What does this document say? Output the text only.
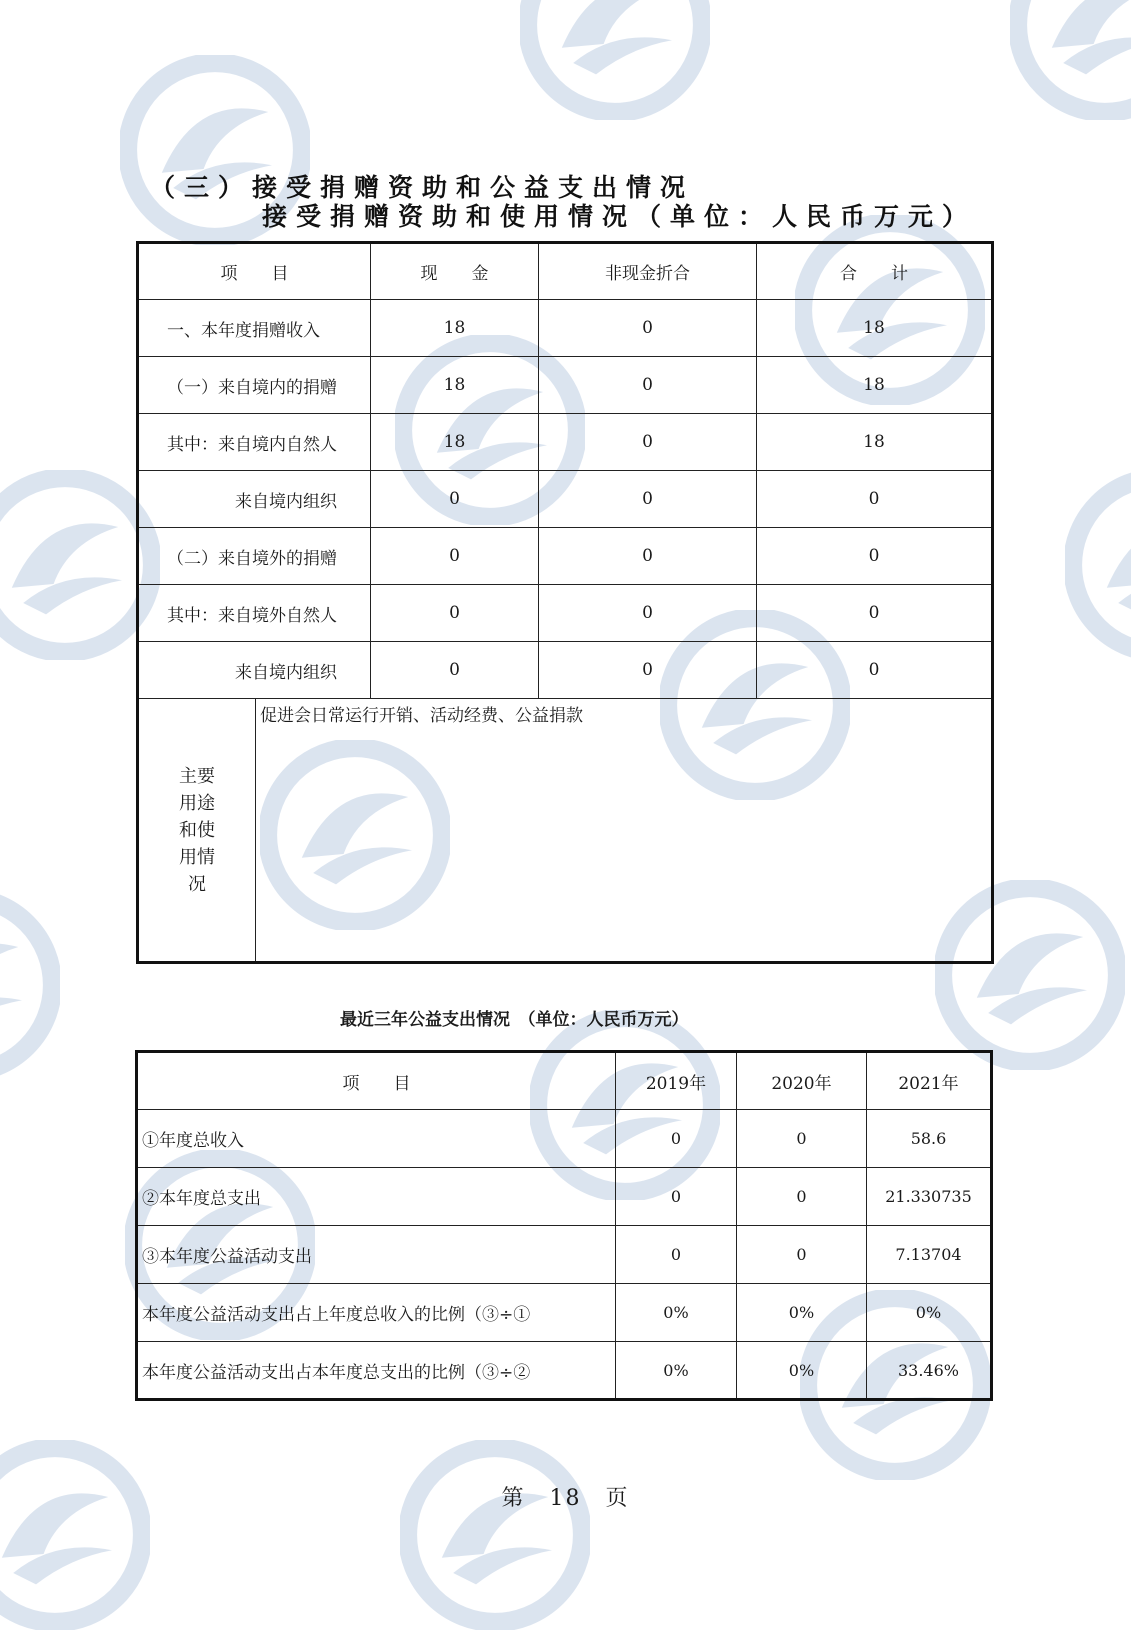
（三）接受捐赠资助和公益支出情况
接受捐赠资助和使用情况（单位：人民币万元）
项　　目		现　　金	非现金折合	合　　计
一、本年度捐赠收入		18	0	18
（一）来自境内的捐赠		18	0	18
其中：来自境内自然人		18	0	18
来自境内组织		0	0	0
（二）来自境外的捐赠		0	0	0
其中：来自境外自然人		0	0	0
来自境内组织		0	0	0

主要
用途
和使
用情
况	促进会日常运行开销、活动经费、公益捐款			
最近三年公益支出情况　（单位：人民币万元）
项　　目	2019年	2020年	2021年
①年度总收入	0	0	58.6
②本年度总支出	0	0	21.330735
③本年度公益活动支出	0	0	7.13704
本年度公益活动支出占上年度总收入的比例（③÷①	0%	0%	0%
本年度公益活动支出占本年度总支出的比例（③÷②	0%	0%	33.46%
第　18　页
